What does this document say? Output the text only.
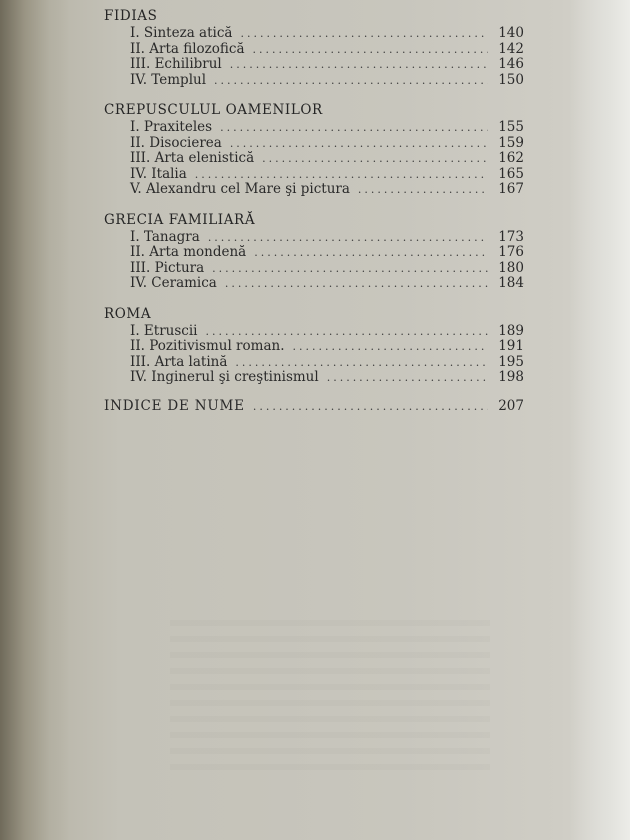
FIDIAS
I. Sinteza atică .....	140
II. Arta filozofică .....	142
III. Echilibrul .....	146
IV. Templul .....	150
CREPUSCULUL OAMENILOR
I. Praxiteles .....	155
II. Disocierea .....	159
III. Arta elenistică .....	162
IV. Italia .....	165
V. Alexandru cel Mare şi pictura .....	167
GRECIA FAMILIARĂ
I. Tanagra .....	173
II. Arta mondenă .....	176
III. Pictura .....	180
IV. Ceramica .....	184
ROMA
I. Etruscii .....	189
II. Pozitivismul roman. .....	191
III. Arta latină .....	195
IV. Inginerul şi creştinismul .....	198
INDICE DE NUME .....	207
